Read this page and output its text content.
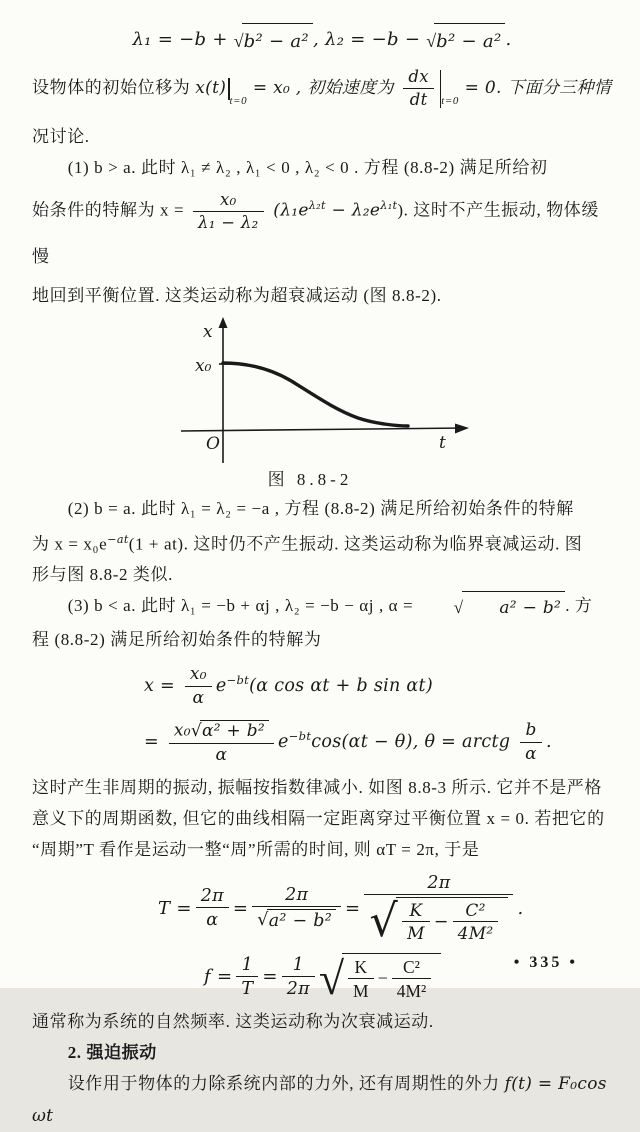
λ₁ = −b + √ b² − a² , λ₂ = −b − √ b² − a² .
设物体的初始位移为 x(t)t=0 = x₀ , 初始速度为 $\frac{dx}{dt} t=0 = 0$. 下面分三种情
况讨论.
(1) b > a. 此时 λ₁ ≠ λ₂ , λ₁ < 0 , λ₂ < 0 . 方程 (8.8-2) 满足所给初
始条件的特解为 $x = \frac{\text{x₀}}{\text{λ₁ − λ₂}} (\lambda_1e^{\lambda_2t} - \lambda_2e^{\lambda_1t})$. 这时不产生振动, 物体缓慢
地回到平衡位置. 这类运动称为超衰减运动 (图 8.8-2).
x
x₀
O	t
图 8.8-2
(2) b = a. 此时 λ₁ = λ₂ = −a , 方程 (8.8-2) 满足所给初始条件的特解
为 $x = x_0e^{-at}(1 + at)$. 这时仍不产生振动. 这类运动称为临界衰减运动. 图
形与图 8.8-2 类似.
(3) b < a. 此时 λ₁ = −b + αj , λ₂ = −b − αj , α =	√	a² − b² . 方
程 (8.8-2) 满足所给初始条件的特解为
$x = \frac{\text{x₀}}{\alpha} e^{-bt}(\alpha$ cos αt + b sin αt)
= $\frac{\text{x₀ √ α² + b²}}{\alpha} e^{-bt}\cos(\alpha t - \theta)$, θ = arctg $\frac{b}{\alpha}$ .
这时产生非周期的振动, 振幅按指数律减小. 如图 8.8-3 所示. 它并不是严格
意义下的周期函数, 但它的曲线相隔一定距离穿过平衡位置 x = 0. 若把它的
“周期”T 看作是运动一整“周”所需的时间, 则 αT = 2π, 于是
$T = \frac{2\pi}{\alpha} = \frac{2\pi}{\text{√ a² − b²}} = \frac{2\pi}{√ \frac{K}{M} - \frac{\text{C²}}{\text{4M²}}}$ .
$f = \frac{1}{T} = \frac{1}{2\pi}$ √ $\frac{K}{M} - \frac{\text{C²}}{\text{4M²}}$
通常称为系统的自然频率. 这类运动称为次衰减运动.
2. 强迫振动
设作用于物体的力除系统内部的力外, 还有周期性的外力 f(t) = F₀cos ωt
• 335 •
